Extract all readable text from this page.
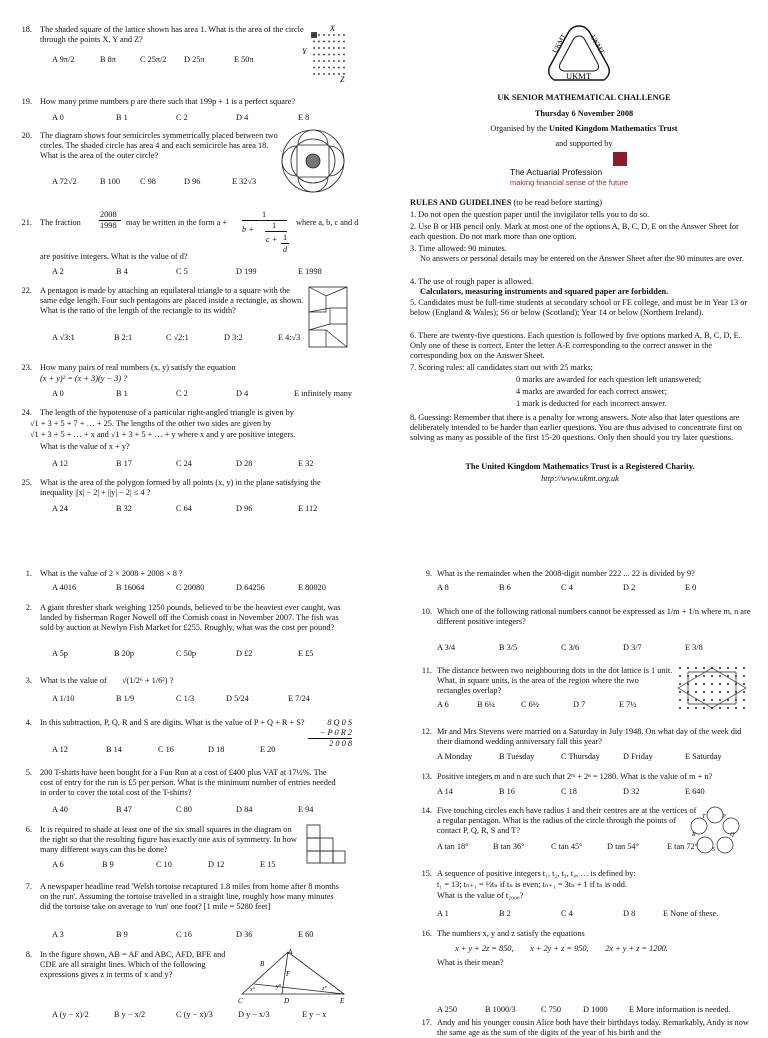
18. The shaded square of the lattice shown has area 1. What is the area of the circle through the points X, Y and Z?
A 9π/2	B 8π	C 25π/2 D 25π	E 50π
X
Y
Z
19. How many prime numbers p are there such that 199p + 1 is a perfect square?
A 0	B 1	C 2	D 4	E 8
20. The diagram shows four semicircles symmetrically placed between two circles. The shaded circle has area 4 and each semicircle has area 18. What is the area of the outer circle?
A 72√2	B 100 C 98	D 96	E 32√3
21. The fraction
2008
1998 may be written in the form a +
1
b + 1
c + 1
d
where a, b, c and d
are positive integers. What is the value of d?
A 2	B 4	C 5	D 199	E 1998
22. A pentagon is made by attaching an equilateral triangle to a square with the same edge length. Four such pentagons are placed inside a rectangle, as shown. What is the ratio of the length of the rectangle to its width?
A √3:1	B 2:1	C √2:1	D 3:2	E 4:√3
23. How many pairs of real numbers (x, y) satisfy the equation
(x + y)² = (x + 3)(y − 3) ?
A 0	B 1	C 2	D 4	E infinitely many
24. The length of the hypotenuse of a particular right-angled triangle is given by
√1 + 3 + 5 + 7 + … + 25. The lengths of the other two sides are given by
√1 + 3 + 5 + … + x and √1 + 3 + 5 + … + y where x and y are positive integers.
What is the value of x + y?
A 12	B 17	C 24	D 28	E 32
25. What is the area of the polygon formed by all points (x, y) in the plane satisfying the inequality ||x| − 2| + ||y| − 2| ≤ 4 ?
A 24	B 32	C 64	D 96	E 112
UKMT	UKMT
UKMT
UK SENIOR MATHEMATICAL CHALLENGE
Thursday 6 November 2008
Organised by the United Kingdom Mathematics Trust
and supported by
The Actuarial Profession
making financial sense of the future
RULES AND GUIDELINES (to be read before starting)
1. Do not open the question paper until the invigilator tells you to do so.
2. Use B or HB pencil only. Mark at most one of the options A, B, C, D, E on the Answer Sheet for each question. Do not mark more than one option.
3. Time allowed: 90 minutes.
No answers or personal details may be entered on the Answer Sheet after the 90 minutes are over.
4. The use of rough paper is allowed.
Calculators, measuring instruments and squared paper are forbidden.
5. Candidates must be full-time students at secondary school or FE college, and must be in Year 13 or below (England & Wales); S6 or below (Scotland); Year 14 or below (Northern Ireland).
6. There are twenty-five questions. Each question is followed by five options marked A, B, C, D, E. Only one of these is correct. Enter the letter A-E corresponding to the correct answer in the corresponding box on the Answer Sheet.
7. Scoring rules: all candidates start out with 25 marks;
0 marks are awarded for each question left unanswered;
4 marks are awarded for each correct answer;
1 mark is deducted for each incorrect answer.
8. Guessing: Remember that there is a penalty for wrong answers. Note also that later questions are deliberately intended to be harder than earlier questions. You are thus advised to concentrate first on solving as many as possible of the first 15-20 questions. Only then should you try later questions.
The United Kingdom Mathematics Trust is a Registered Charity.
http://www.ukmt.org.uk
1. What is the value of 2 × 2008 + 2008 × 8 ?
A 4016	B 16064	C 20080	D 64256	E 80020
2. A giant thresher shark weighing 1250 pounds, believed to be the heaviest ever caught, was landed by fisherman Roger Nowell off the Cornish coast in November 2007. The fish was sold by auction at Newlyn Fish Market for £255. Roughly, what was the cost per pound?
A 5p	B 20p	C 50p	D £2	E £5
3. What is the value of √(1/2⁶ + 1/6²) ?
A 1/10	B 1/9	C 1/3	D 5/24	E 7/24
4. In this subtraction, P, Q, R and S are digits. What is the value of P + Q + R + S?	8 Q 0 S
− P 0 R 2
2 0 0 8
A 12	B 14	C 16	D 18	E 20
5. 200 T-shirts have been bought for a Fun Run at a cost of £400 plus VAT at 17½%. The cost of entry for the run is £5 per person. What is the minimum number of entries needed in order to cover the total cost of the T-shirts?
A 40	B 47	C 80	D 84	E 94
6. It is required to shade at least one of the six small squares in the diagram on the right so that the resulting figure has exactly one axis of symmetry. In how many different ways can this be done?
A 6	B 9	C 10	D 12	E 15
7. A newspaper headline read 'Welsh tortoise recaptured 1.8 miles from home after 8 months on the run'. Assuming the tortoise travelled in a straight line, roughly how many minutes did the tortoise take on average to 'run' one foot? [1 mile = 5280 feet]
A 3	B 9	C 16	D 36	E 60
8. In the figure shown, AB = AF and ABC, AFD, BFE and CDE are all straight lines. Which of the following expressions gives z in terms of x and y?
A
B
F
C	D	E
x°	y°	z°
A (y − x)/2	B y − x/2	C (y − x)/3	D y − x/3	E y − x
9. What is the remainder when the 2008-digit number 222 ... 22 is divided by 9?
A 8	B 6	C 4	D 2	E 0
10. Which one of the following rational numbers cannot be expressed as 1/m + 1/n where m, n are different positive integers?
A 3/4	B 3/5	C 3/6	D 3/7	E 3/8
11. The distance between two neighbouring dots in the dot lattice is 1 unit. What, in square units, is the area of the region where the two rectangles overlap?
A 6	B 6¼	C 6½	D 7	E 7½
12. Mr and Mrs Stevens were married on a Saturday in July 1948. On what day of the week did their diamond wedding anniversary fall this year?
A Monday	B Tuesday	C Thursday	D Friday	E Saturday
13. Positive integers m and n are such that 2ᵐ + 2ⁿ = 1280. What is the value of m + n?
A 14	B 16	C 18	D 32	E 640
14. Five touching circles each have radius 1 and their centres are at the vertices of a regular pentagon. What is the radius of the circle through the points of contact P, Q, R, S and T?
P
Q
R
S
T
A tan 18°	B tan 36°	C tan 45°	D tan 54°	E tan 72°
15. A sequence of positive integers t₁, t₂, t₃, t₄, … is defined by:
t₁ = 13; tₙ₊₁ = ½tₙ if tₙ is even; tₙ₊₁ = 3tₙ + 1 if tₙ is odd.
What is the value of t₂₀₀₈?
A 1	B 2	C 4	D 8	E None of these.
16. The numbers x, y and z satisfy the equations
x + y + 2z = 850,        x + 2y + z = 950,        2x + y + z = 1200.
What is their mean?
A 250	B 1000/3	C 750	D 1000	E More information is needed.
17. Andy and his younger cousin Alice both have their birthdays today. Remarkably, Andy is now the same age as the sum of the digits of the year of his birth and the
